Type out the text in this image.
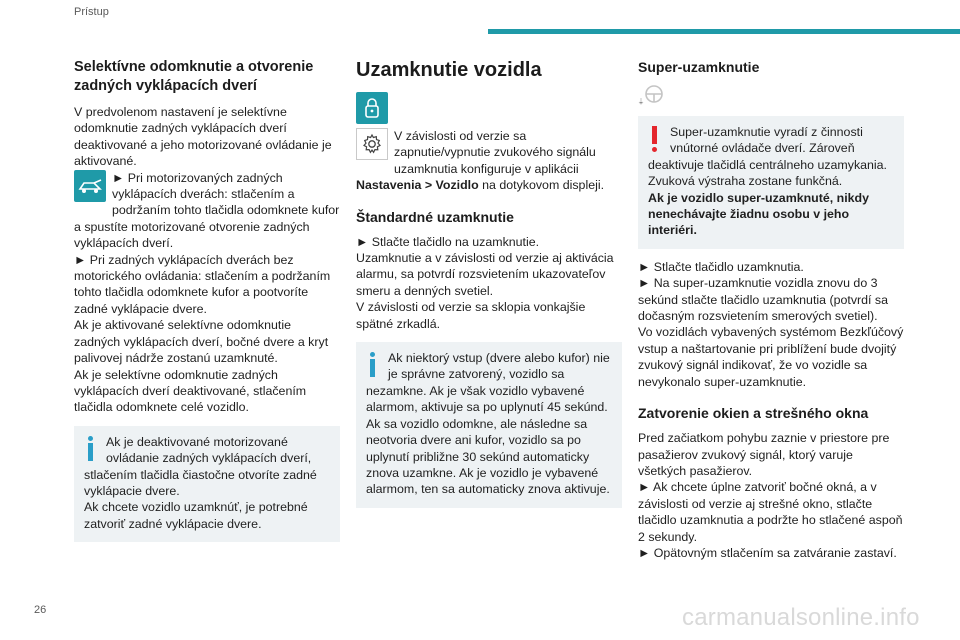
Prístup
Selektívne odomknutie a otvorenie zadných vyklápacích dverí

V predvolenom nastavení je selektívne odomknutie zadných vyklápacích dverí deaktivované a jeho motorizované ovládanie je aktivované.

► Pri motorizovaných zadných vyklápacích dverách: stlačením a podržaním tohto tlačidla odomknete kufor a spustíte motorizované otvorenie zadných vyklápacích dverí.

► Pri zadných vyklápacích dverách bez motorického ovládania: stlačením a podržaním tohto tlačidla odomknete kufor a pootvoríte zadné vyklápacie dvere.

Ak je aktivované selektívne odomknutie zadných vyklápacích dverí, bočné dvere a kryt palivovej nádrže zostanú uzamknuté.

Ak je selektívne odomknutie zadných vyklápacích dverí deaktivované, stlačením tlačidla odomknete celé vozidlo.

Ak je deaktivované motorizované ovládanie zadných vyklápacích dverí, stlačením tlačidla čiastočne otvoríte zadné vyklápacie dvere.

Ak chcete vozidlo uzamknúť, je potrebné zatvoriť zadné vyklápacie dvere.

Uzamknutie vozidla

V závislosti od verzie sa zapnutie/vypnutie zvukového signálu uzamknutia konfiguruje v aplikácii Nastavenia > Vozidlo na dotykovom displeji.

Štandardné uzamknutie

► Stlačte tlačidlo na uzamknutie.

Uzamknutie a v závislosti od verzie aj aktivácia alarmu, sa potvrdí rozsvietením ukazovateľov smeru a denných svetiel.

V závislosti od verzie sa sklopia vonkajšie spätné zrkadlá.

Ak niektorý vstup (dvere alebo kufor) nie je správne zatvorený, vozidlo sa nezamkne. Ak je však vozidlo vybavené alarmom, aktivuje sa po uplynutí 45 sekúnd. Ak sa vozidlo odomkne, ale následne sa neotvoria dvere ani kufor, vozidlo sa po uplynutí približne 30 sekúnd automaticky znova uzamkne. Ak je vozidlo je vybavené alarmom, ten sa automaticky znova aktivuje.

Super-uzamknutie

Super-uzamknutie vyradí z činnosti vnútorné ovládače dverí. Zároveň deaktivuje tlačidlá centrálneho uzamykania.

Zvuková výstraha zostane funkčná.

Ak je vozidlo super-uzamknuté, nikdy nenechávajte žiadnu osobu v jeho interiéri.

► Stlačte tlačidlo uzamknutia.

► Na super-uzamknutie vozidla znovu do 3 sekúnd stlačte tlačidlo uzamknutia (potvrdí sa dočasným rozsvietením smerových svetiel).

Vo vozidlách vybavených systémom Bezkľúčový vstup a naštartovanie pri priblížení bude dvojitý zvukový signál indikovať, že vo vozidle sa nevykonalo super-uzamknutie.

Zatvorenie okien a strešného okna

Pred začiatkom pohybu zaznie v priestore pre pasažierov zvukový signál, ktorý varuje všetkých pasažierov.

► Ak chcete úplne zatvoriť bočné okná, a v závislosti od verzie aj strešné okno, stlačte tlačidlo uzamknutia a podržte ho stlačené aspoň 2 sekundy.

► Opätovným stlačením sa zatváranie zastaví.

26	carmanualsonline.info
